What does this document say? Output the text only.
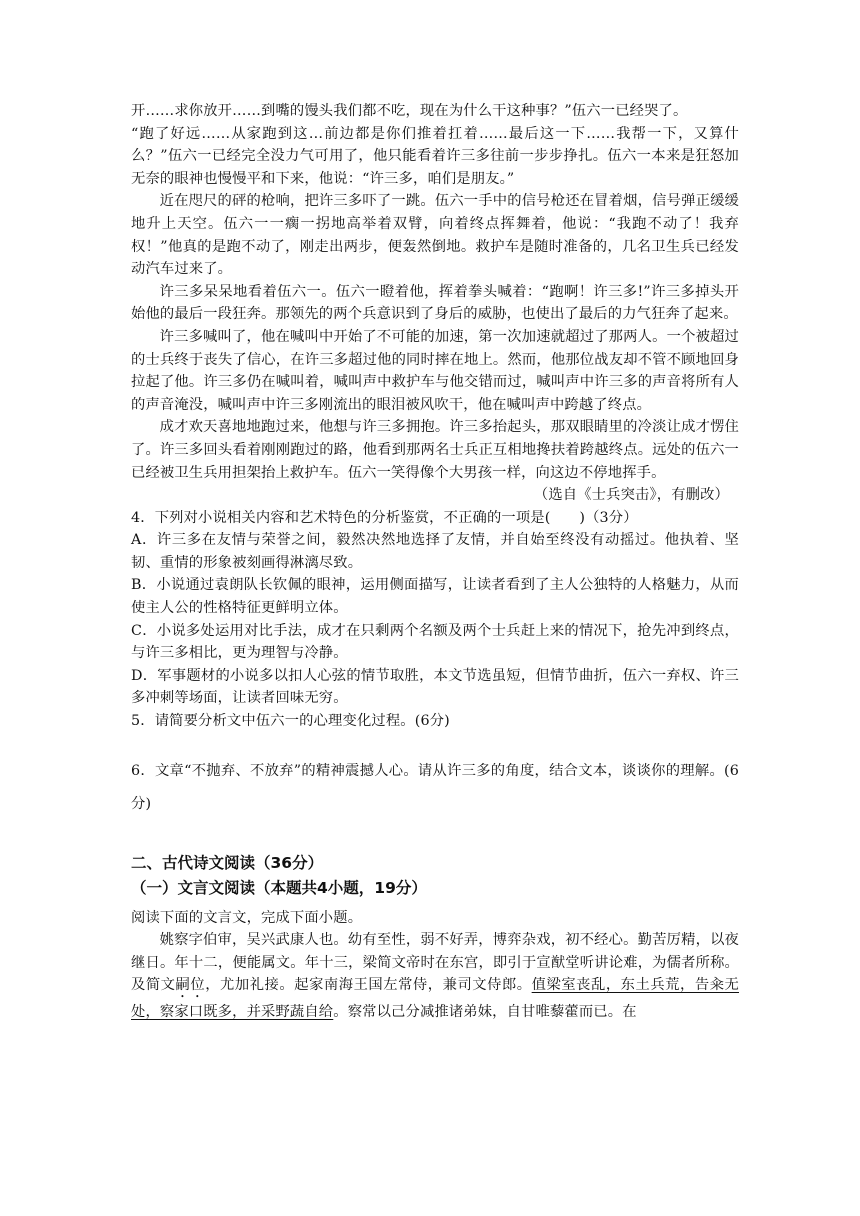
开……求你放开……到嘴的馒头我们都不吃，现在为什么干这种事？”伍六一已经哭了。

“跑了好远……从家跑到这…前边都是你们推着扛着……最后这一下……我帮一下，又算什么？”伍六一已经完全没力气可用了，他只能看着许三多往前一步步挣扎。伍六一本来是狂怒加无奈的眼神也慢慢平和下来，他说：“许三多，咱们是朋友。”

近在咫尺的砰的枪响，把许三多吓了一跳。伍六一手中的信号枪还在冒着烟，信号弹正缓缓地升上天空。伍六一一瘸一拐地高举着双臂，向着终点挥舞着，他说：“我跑不动了！我弃权！”他真的是跑不动了，刚走出两步，便轰然倒地。救护车是随时准备的，几名卫生兵已经发动汽车过来了。

许三多呆呆地看着伍六一。伍六一瞪着他，挥着拳头喊着：“跑啊！许三多!”许三多掉头开始他的最后一段狂奔。那领先的两个兵意识到了身后的威胁，也使出了最后的力气狂奔了起来。

许三多喊叫了，他在喊叫中开始了不可能的加速，第一次加速就超过了那两人。一个被超过的士兵终于丧失了信心，在许三多超过他的同时摔在地上。然而，他那位战友却不管不顾地回身拉起了他。许三多仍在喊叫着，喊叫声中救护车与他交错而过，喊叫声中许三多的声音将所有人的声音淹没，喊叫声中许三多刚流出的眼泪被风吹干，他在喊叫声中跨越了终点。

成才欢天喜地地跑过来，他想与许三多拥抱。许三多抬起头，那双眼睛里的冷淡让成才愣住了。许三多回头看着刚刚跑过的路，他看到那两名士兵正互相地搀扶着跨越终点。远处的伍六一已经被卫生兵用担架抬上救护车。伍六一笑得像个大男孩一样，向这边不停地挥手。

（选自《士兵突击》，有删改）

4．下列对小说相关内容和艺术特色的分析鉴赏，不正确的一项是(　　)（3分）

A．许三多在友情与荣誉之间，毅然决然地选择了友情，并自始至终没有动摇过。他执着、坚韧、重情的形象被刻画得淋漓尽致。

B．小说通过袁朗队长钦佩的眼神，运用侧面描写，让读者看到了主人公独特的人格魅力，从而使主人公的性格特征更鲜明立体。

C．小说多处运用对比手法，成才在只剩两个名额及两个士兵赶上来的情况下，抢先冲到终点，与许三多相比，更为理智与冷静。

D．军事题材的小说多以扣人心弦的情节取胜，本文节选虽短，但情节曲折，伍六一弃权、许三多冲刺等场面，让读者回味无穷。

5．请简要分析文中伍六一的心理变化过程。(6分)

6．文章“不抛弃、不放弃”的精神震撼人心。请从许三多的角度，结合文本，谈谈你的理解。(6分)

二、古代诗文阅读（36分）
（一）文言文阅读（本题共4小题，19分）

阅读下面的文言文，完成下面小题。

姚察字伯审，吴兴武康人也。幼有至性，弱不好弄，博弈杂戏，初不经心。勤苦厉精，以夜继日。年十二，便能属文。年十三，梁简文帝时在东宫，即引于宣猷堂听讲论难，为儒者所称。及简文嗣位，尤加礼接。起家南海王国左常侍，兼司文侍郎。值梁室丧乱，东土兵荒，告籴无处，察家口既多，并采野蔬自给。察常以己分减推诸弟妹，自甘唯藜藿而已。在
